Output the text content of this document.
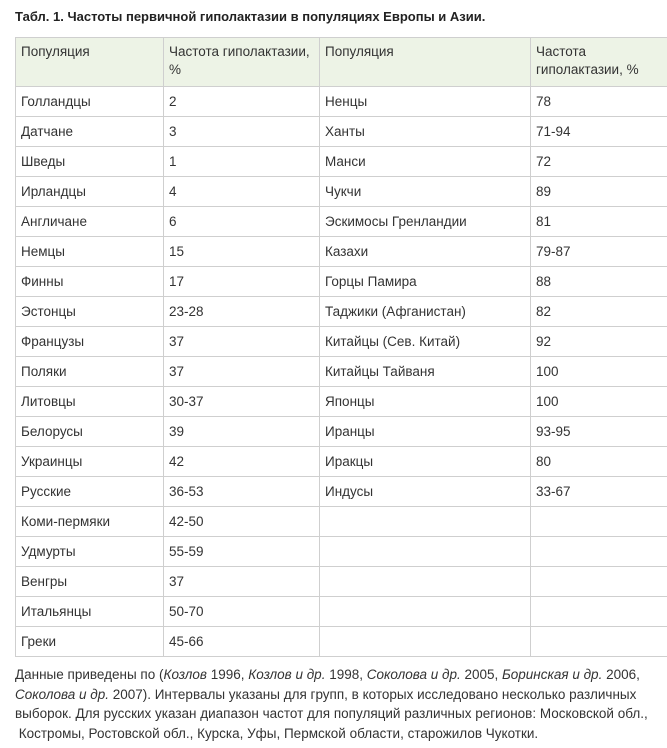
Табл. 1. Частоты первичной гиполактазии в популяциях Европы и Азии.
Популяция	Частота гиполактазии, %	Популяция	Частота гиполактазии, %
Голландцы	2	Ненцы	78
Датчане	3	Ханты	71-94
Шведы	1	Манси	72
Ирландцы	4	Чукчи	89
Англичане	6	Эскимосы Гренландии	81
Немцы	15	Казахи	79-87
Финны	17	Горцы Памира	88
Эстонцы	23-28	Таджики (Афганистан)	82
Французы	37	Китайцы (Сев. Китай)	92
Поляки	37	Китайцы Тайваня	100
Литовцы	30-37	Японцы	100
Белорусы	39	Иранцы	93-95
Украинцы	42	Иракцы	80
Русские	36-53	Индусы	33-67
Коми-пермяки	42-50		
Удмурты	55-59		
Венгры	37		
Итальянцы	50-70		
Греки	45-66		
Данные приведены по (Козлов 1996, Козлов и др. 1998, Соколова и др. 2005, Боринская и др. 2006,
Соколова и др. 2007). Интервалы указаны для групп, в которых исследовано несколько различных
выборок. Для русских указан диапазон частот для популяций различных регионов: Московской обл.,
Костромы, Ростовской обл., Курска, Уфы, Пермской области, старожилов Чукотки.
